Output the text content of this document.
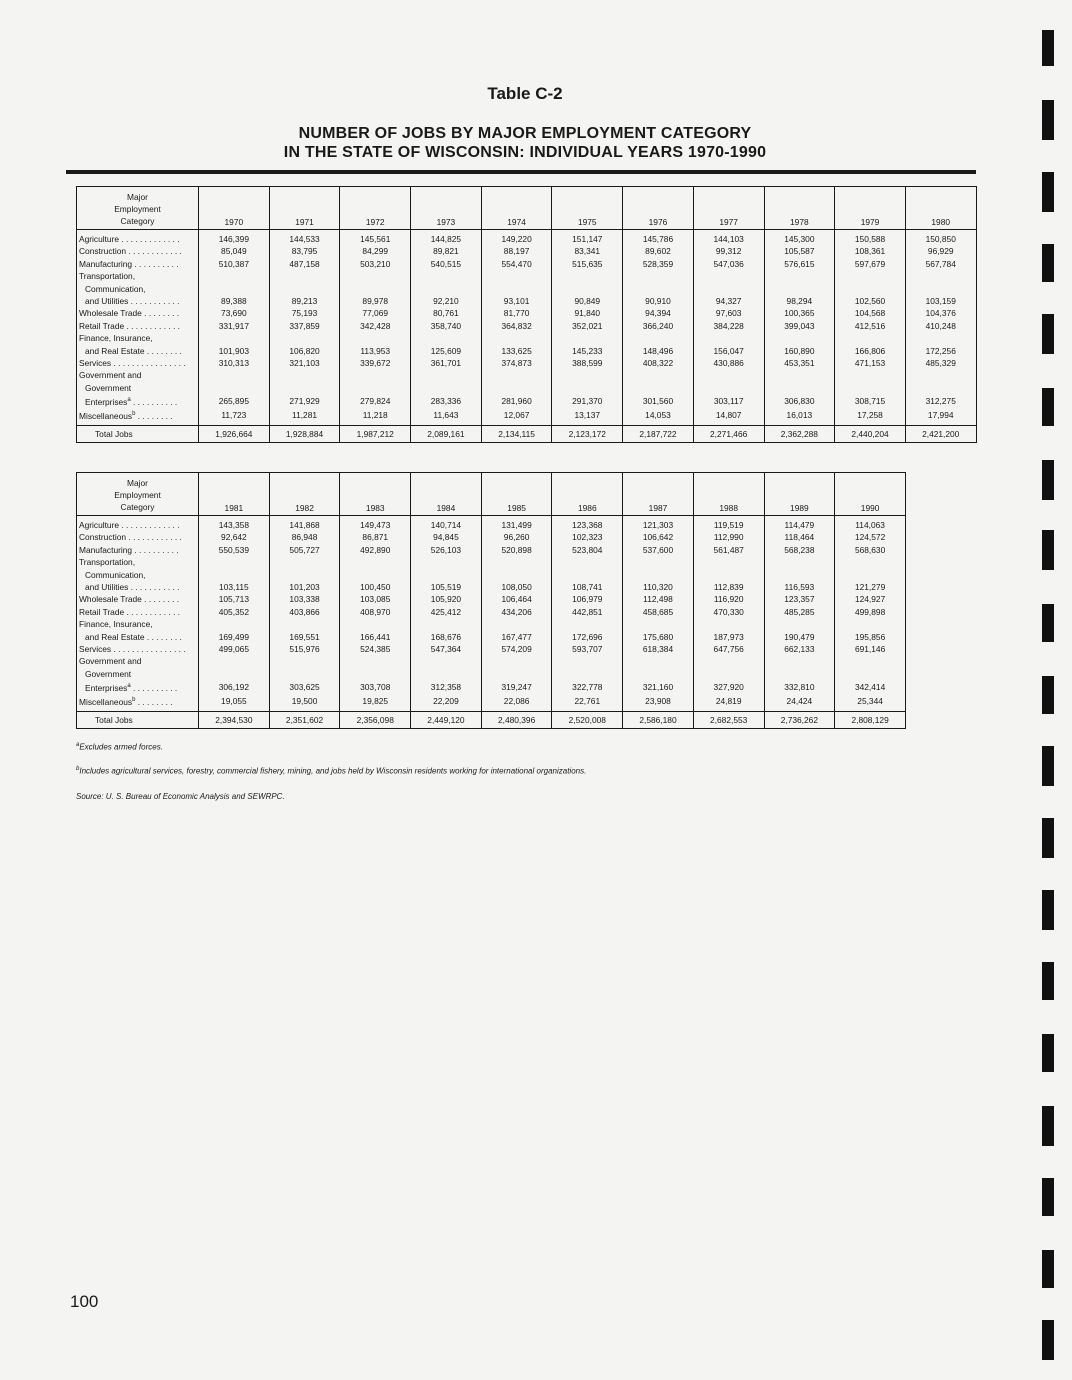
Table C-2
NUMBER OF JOBS BY MAJOR EMPLOYMENT CATEGORY
IN THE STATE OF WISCONSIN: INDIVIDUAL YEARS 1970-1990
Major
Employment
Category	1970	1971	1972	1973	1974	1975	1976	1977	1978	1979	1980
Agriculture . . . . . . . . . . . . .	146,399	144,533	145,561	144,825	149,220	151,147	145,786	144,103	145,300	150,588	150,850
Construction . . . . . . . . . . . .	85,049	83,795	84,299	89,821	88,197	83,341	89,602	99,312	105,587	108,361	96,929
Manufacturing . . . . . . . . . .	510,387	487,158	503,210	540,515	554,470	515,635	528,359	547,036	576,615	597,679	567,784
Transportation,											
Communication,											
and Utilities . . . . . . . . . . .	89,388	89,213	89,978	92,210	93,101	90,849	90,910	94,327	98,294	102,560	103,159
Wholesale Trade . . . . . . . .	73,690	75,193	77,069	80,761	81,770	91,840	94,394	97,603	100,365	104,568	104,376
Retail Trade . . . . . . . . . . . .	331,917	337,859	342,428	358,740	364,832	352,021	366,240	384,228	399,043	412,516	410,248
Finance, Insurance,											
and Real Estate . . . . . . . .	101,903	106,820	113,953	125,609	133,625	145,233	148,496	156,047	160,890	166,806	172,256
Services . . . . . . . . . . . . . . . .	310,313	321,103	339,672	361,701	374,873	388,599	408,322	430,886	453,351	471,153	485,329
Government and											
Government											
Enterprises$^a$ . . . . . . . . . .	265,895	271,929	279,824	283,336	281,960	291,370	301,560	303,117	306,830	308,715	312,275
Miscellaneous$^b$ . . . . . . . .	11,723	11,281	11,218	11,643	12,067	13,137	14,053	14,807	16,013	17,258	17,994
Total Jobs	1,926,664	1,928,884	1,987,212	2,089,161	2,134,115	2,123,172	2,187,722	2,271,466	2,362,288	2,440,204	2,421,200
Major
Employment
Category	1981	1982	1983	1984	1985	1986	1987	1988	1989	1990
Agriculture . . . . . . . . . . . . .	143,358	141,868	149,473	140,714	131,499	123,368	121,303	119,519	114,479	114,063
Construction . . . . . . . . . . . .	92,642	86,948	86,871	94,845	96,260	102,323	106,642	112,990	118,464	124,572
Manufacturing . . . . . . . . . .	550,539	505,727	492,890	526,103	520,898	523,804	537,600	561,487	568,238	568,630
Transportation,										
Communication,										
and Utilities . . . . . . . . . . .	103,115	101,203	100,450	105,519	108,050	108,741	110,320	112,839	116,593	121,279
Wholesale Trade . . . . . . . .	105,713	103,338	103,085	105,920	106,464	106,979	112,498	116,920	123,357	124,927
Retail Trade . . . . . . . . . . . .	405,352	403,866	408,970	425,412	434,206	442,851	458,685	470,330	485,285	499,898
Finance, Insurance,										
and Real Estate . . . . . . . .	169,499	169,551	166,441	168,676	167,477	172,696	175,680	187,973	190,479	195,856
Services . . . . . . . . . . . . . . . .	499,065	515,976	524,385	547,364	574,209	593,707	618,384	647,756	662,133	691,146
Government and										
Government										
Enterprises$^a$ . . . . . . . . . .	306,192	303,625	303,708	312,358	319,247	322,778	321,160	327,920	332,810	342,414
Miscellaneous$^b$ . . . . . . . .	19,055	19,500	19,825	22,209	22,086	22,761	23,908	24,819	24,424	25,344
Total Jobs	2,394,530	2,351,602	2,356,098	2,449,120	2,480,396	2,520,008	2,586,180	2,682,553	2,736,262	2,808,129
$^a$Excludes armed forces.
$^b$Includes agricultural services, forestry, commercial fishery, mining, and jobs held by Wisconsin residents working for international organizations.
Source: U. S. Bureau of Economic Analysis and SEWRPC.
100
